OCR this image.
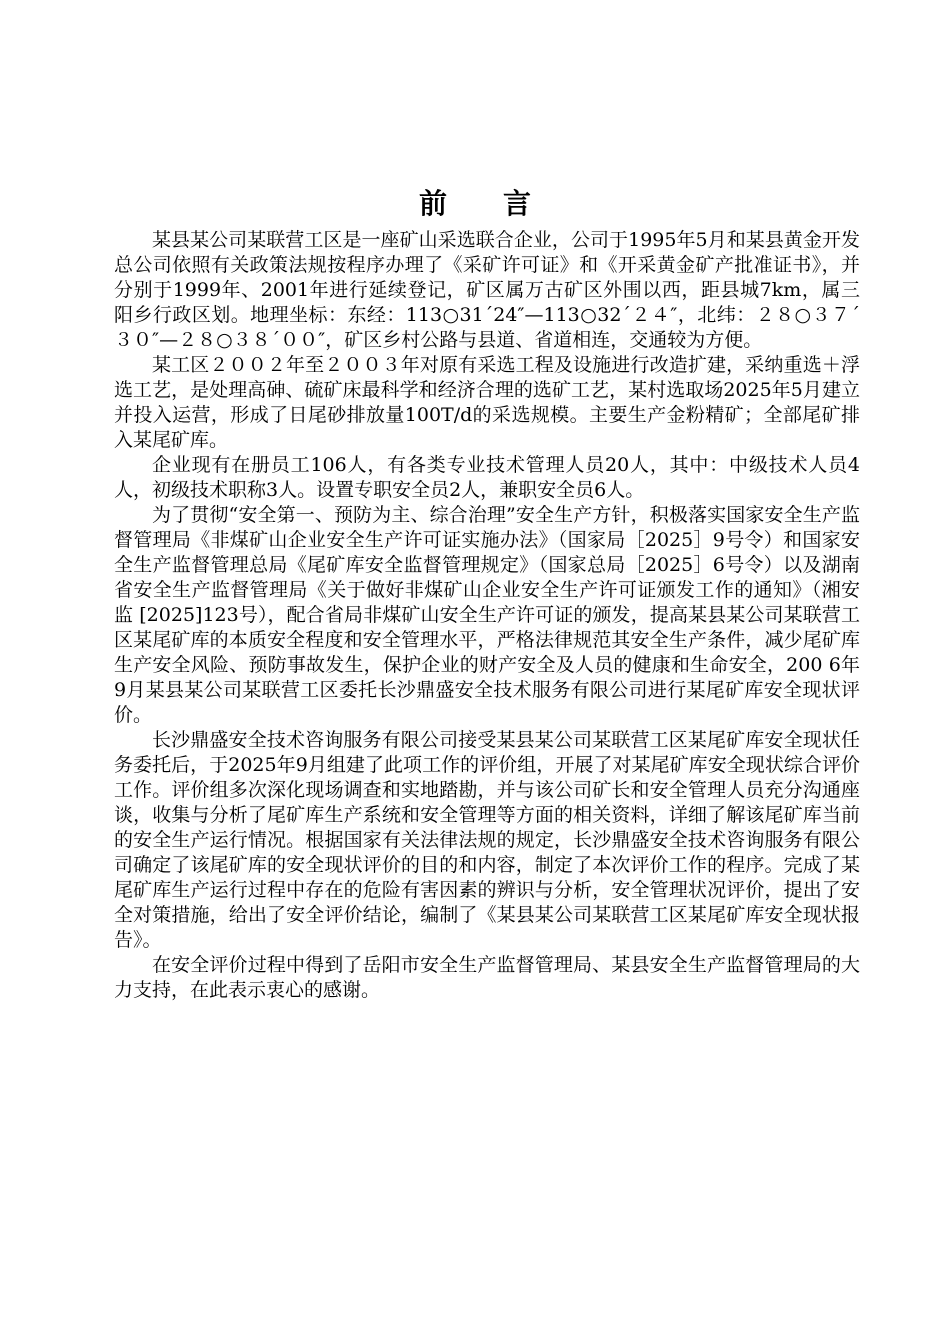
前言

某县某公司某联营工区是一座矿山采选联合企业，公司于1995年5月和某县黄金开发总公司依照有关政策法规按程序办理了《采矿许可证》和《开采黄金矿产批准证书》，并分别于1999年、2001年进行延续登记，矿区属万古矿区外围以西，距县城7km，属三阳乡行政区划。地理坐标：东经：113○31΄24″—113○32΄２４″，北纬：２８○３７΄３０″—２８○３８΄００″，矿区乡村公路与县道、省道相连，交通较为方便。

某工区２００２年至２００３年对原有采选工程及设施进行改造扩建，采纳重选＋浮选工艺，是处理高砷、硫矿床最科学和经济合理的选矿工艺，某村选取场2025年5月建立并投入运营，形成了日尾砂排放量100T/d的采选规模。主要生产金粉精矿；全部尾矿排入某尾矿库。

企业现有在册员工106人，有各类专业技术管理人员20人，其中：中级技术人员4人，初级技术职称3人。设置专职安全员2人，兼职安全员6人。

为了贯彻“安全第一、预防为主、综合治理”安全生产方针，积极落实国家安全生产监督管理局《非煤矿山企业安全生产许可证实施办法》（国家局［2025］9号令）和国家安全生产监督管理总局《尾矿库安全监督管理规定》（国家总局［2025］6号令）以及湖南省安全生产监督管理局《关于做好非煤矿山企业安全生产许可证颁发工作的通知》（湘安监 [2025]123号），配合省局非煤矿山安全生产许可证的颁发，提高某县某公司某联营工区某尾矿库的本质安全程度和安全管理水平，严格法律规范其安全生产条件，减少尾矿库生产安全风险、预防事故发生，保护企业的财产安全及人员的健康和生命安全，200 6年9月某县某公司某联营工区委托长沙鼎盛安全技术服务有限公司进行某尾矿库安全现状评价。

长沙鼎盛安全技术咨询服务有限公司接受某县某公司某联营工区某尾矿库安全现状任务委托后，于2025年9月组建了此项工作的评价组，开展了对某尾矿库安全现状综合评价工作。评价组多次深化现场调查和实地踏勘，并与该公司矿长和安全管理人员充分沟通座谈，收集与分析了尾矿库生产系统和安全管理等方面的相关资料，详细了解该尾矿库当前的安全生产运行情况。根据国家有关法律法规的规定，长沙鼎盛安全技术咨询服务有限公司确定了该尾矿库的安全现状评价的目的和内容，制定了本次评价工作的程序。完成了某尾矿库生产运行过程中存在的危险有害因素的辨识与分析，安全管理状况评价，提出了安全对策措施，给出了安全评价结论，编制了《某县某公司某联营工区某尾矿库安全现状报告》。

在安全评价过程中得到了岳阳市安全生产监督管理局、某县安全生产监督管理局的大力支持，在此表示衷心的感谢。
